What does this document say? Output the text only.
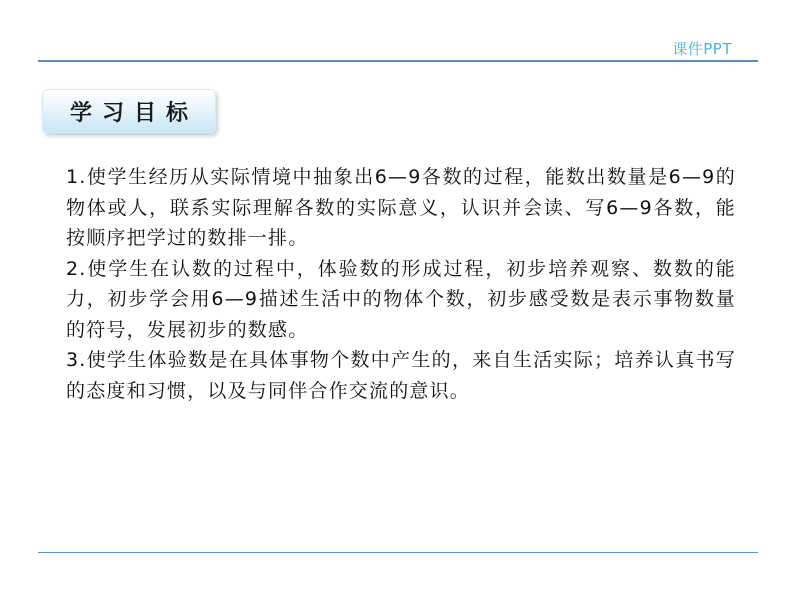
课件PPT
学习目标

1.使学生经历从实际情境中抽象出6—9各数的过程，能数出数量是6—9的物体或人，联系实际理解各数的实际意义，认识并会读、写6—9各数，能按顺序把学过的数排一排。

2.使学生在认数的过程中，体验数的形成过程，初步培养观察、数数的能力，初步学会用6—9描述生活中的物体个数，初步感受数是表示事物数量的符号，发展初步的数感。

3.使学生体验数是在具体事物个数中产生的，来自生活实际；培养认真书写的态度和习惯，以及与同伴合作交流的意识。
